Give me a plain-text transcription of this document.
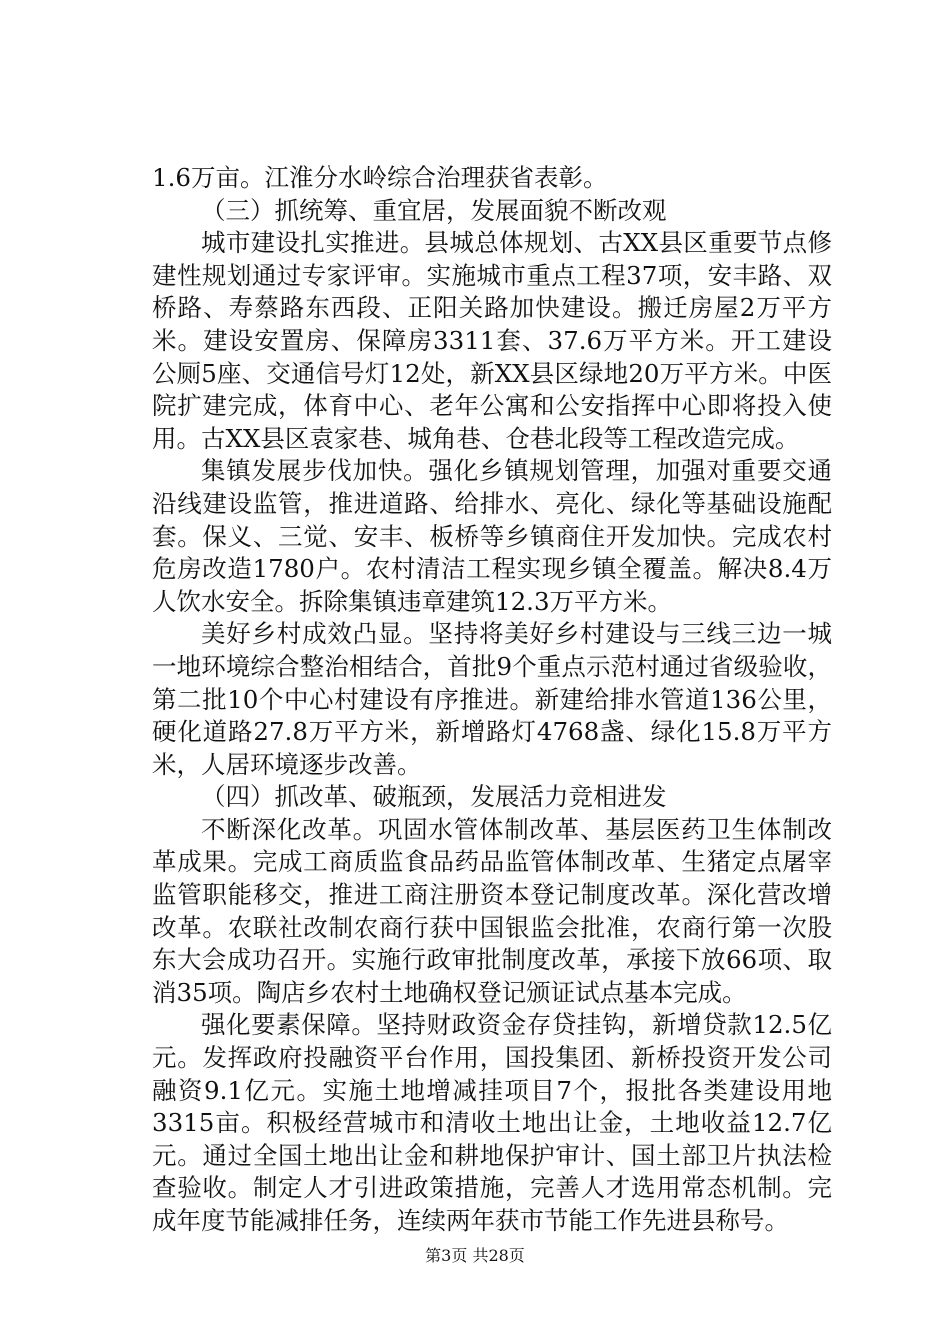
1.6万亩。江淮分水岭综合治理获省表彰。

（三）抓统筹、重宜居，发展面貌不断改观

城市建设扎实推进。县城总体规划、古XX县区重要节点修建性规划通过专家评审。实施城市重点工程37项，安丰路、双桥路、寿蔡路东西段、正阳关路加快建设。搬迁房屋2万平方米。建设安置房、保障房3311套、37.6万平方米。开工建设公厕5座、交通信号灯12处，新XX县区绿地20万平方米。中医院扩建完成，体育中心、老年公寓和公安指挥中心即将投入使用。古XX县区袁家巷、城角巷、仓巷北段等工程改造完成。

集镇发展步伐加快。强化乡镇规划管理，加强对重要交通沿线建设监管，推进道路、给排水、亮化、绿化等基础设施配套。保义、三觉、安丰、板桥等乡镇商住开发加快。完成农村危房改造1780户。农村清洁工程实现乡镇全覆盖。解决8.4万人饮水安全。拆除集镇违章建筑12.3万平方米。

美好乡村成效凸显。坚持将美好乡村建设与三线三边一城一地环境综合整治相结合，首批9个重点示范村通过省级验收，第二批10个中心村建设有序推进。新建给排水管道136公里，硬化道路27.8万平方米，新增路灯4768盏、绿化15.8万平方米，人居环境逐步改善。

（四）抓改革、破瓶颈，发展活力竞相进发

不断深化改革。巩固水管体制改革、基层医药卫生体制改革成果。完成工商质监食品药品监管体制改革、生猪定点屠宰监管职能移交，推进工商注册资本登记制度改革。深化营改增改革。农联社改制农商行获中国银监会批准，农商行第一次股东大会成功召开。实施行政审批制度改革，承接下放66项、取消35项。陶店乡农村土地确权登记颁证试点基本完成。

强化要素保障。坚持财政资金存贷挂钩，新增贷款12.5亿元。发挥政府投融资平台作用，国投集团、新桥投资开发公司融资9.1亿元。实施土地增减挂项目7个，报批各类建设用地3315亩。积极经营城市和清收土地出让金，土地收益12.7亿元。通过全国土地出让金和耕地保护审计、国土部卫片执法检查验收。制定人才引进政策措施，完善人才选用常态机制。完成年度节能减排任务，连续两年获市节能工作先进县称号。

第3页 共28页
